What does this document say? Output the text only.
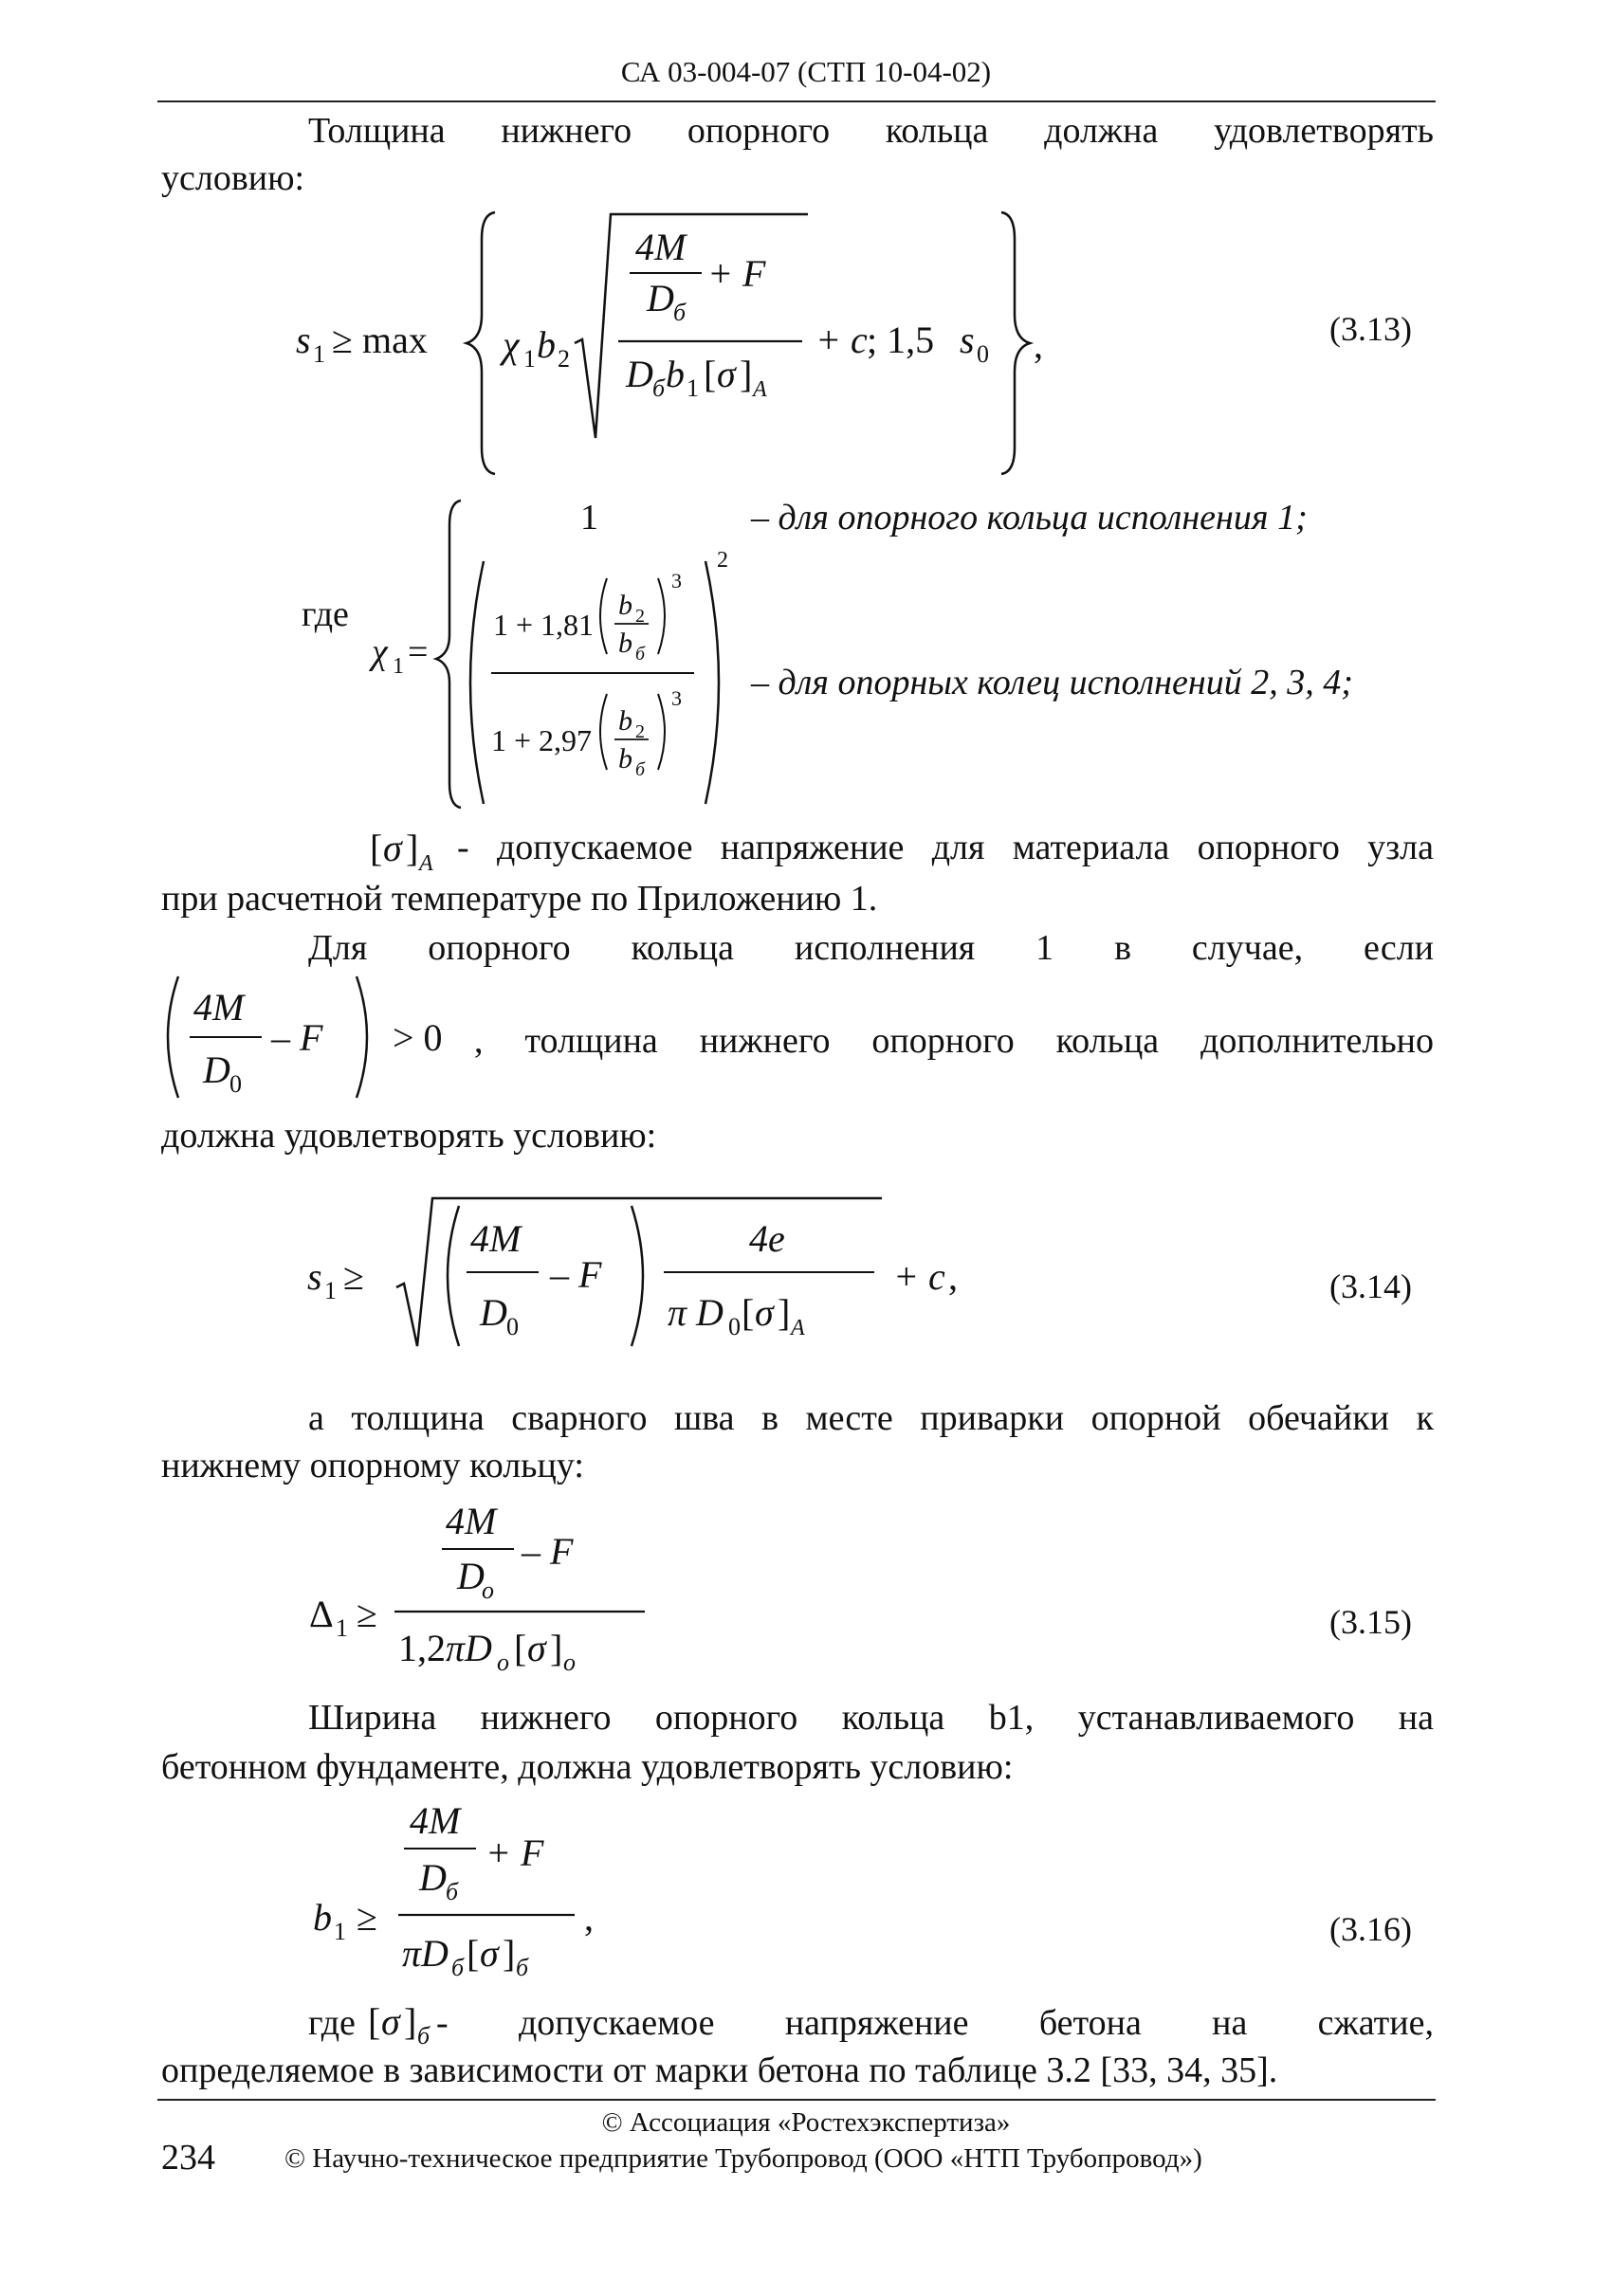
СА 03-004-07 (СТП 10-04-02)
Толщина нижнего опорного кольца должна удовлетворять
условию:
s 1 ≥ max χ 1 b 2
4M
D б
+ F
D б b 1 [ σ ] A
+ c ; 1,5 s 0 ,	(3.13)
где
χ 1 =
1
2
1 + 1,81
b 2
b б
3
1 + 2,97
b 2
b б
3
– для опорного кольца исполнения 1;
– для опорных колец исполнений 2, 3, 4;
[ σ ] A - допускаемое напряжение для материала опорного узла
при расчетной температуре по Приложению 1.
Для опорного кольца исполнения 1 в случае, если
4M
D 0
– F > 0 , толщина нижнего опорного кольца дополнительно
должна удовлетворять условию:
s 1 ≥
4M
D 0
– F
4e
π D 0 [ σ ] A
+ c ,	(3.14)
а толщина сварного шва в месте приварки опорной обечайки к
нижнему опорному кольцу:
Δ 1 ≥
4M
D
o
– F
1,2 πD o [ σ ] o
(3.15)
Ширина нижнего опорного кольца b1, устанавливаемого на
бетонном фундаменте, должна удовлетворять условию:
b 1 ≥
4M
D б
+ F
πD б [ σ ] б
,	(3.16)
где [ σ ] б - допускаемое напряжение бетона на сжатие,
определяемое в зависимости от марки бетона по таблице 3.2 [33, 34, 35].
© Ассоциация «Ростехэкспертиза»
234	© Научно-техническое предприятие Трубопровод (ООО «НТП Трубопровод»)
